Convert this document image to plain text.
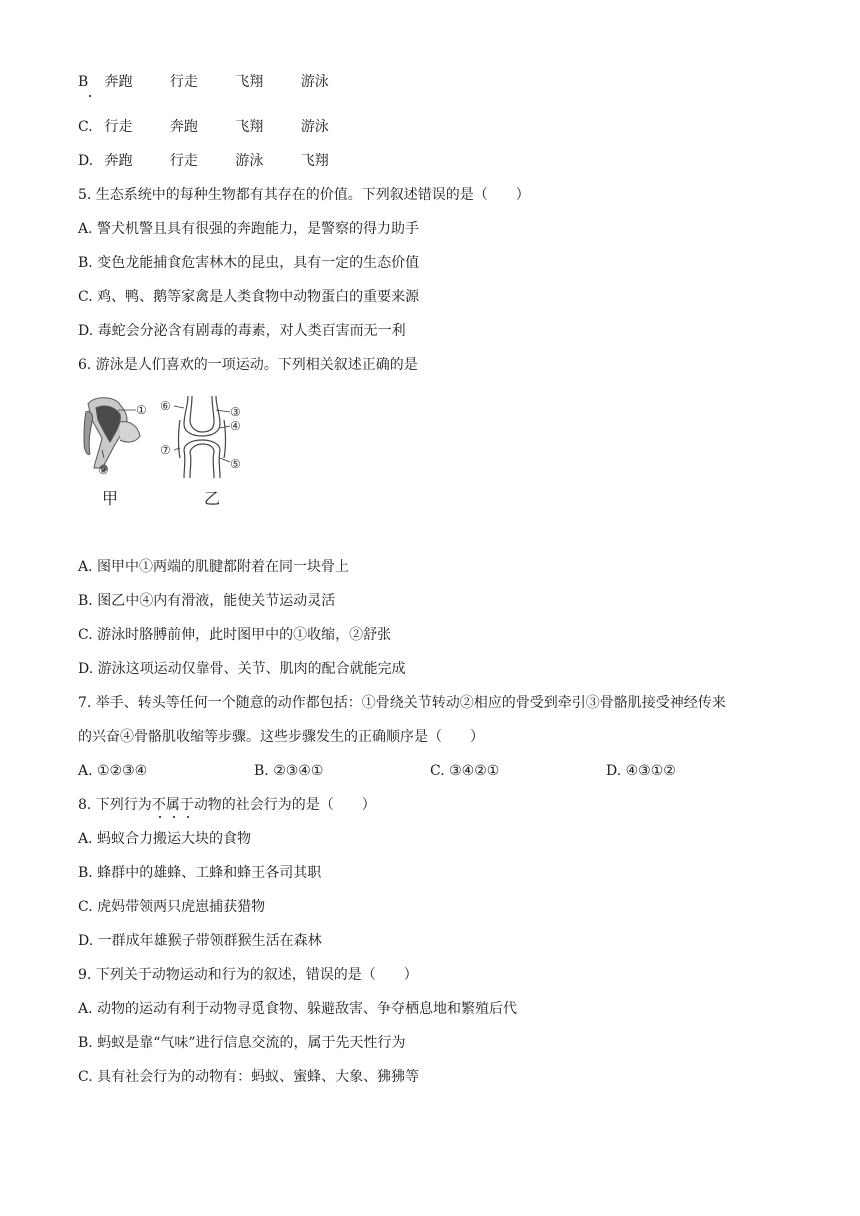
B 奔跑	行走	飞翔	游泳
C. 行走	奔跑	飞翔	游泳
D. 奔跑	行走	游泳	飞翔
5. 生态系统中的每种生物都有其存在的价值。下列叙述错误的是（　　）
A. 警犬机警且具有很强的奔跑能力，是警察的得力助手
B. 变色龙能捕食危害林木的昆虫，具有一定的生态价值
C. 鸡、鸭、鹅等家禽是人类食物中动物蛋白的重要来源
D. 毒蛇会分泌含有剧毒的毒素，对人类百害而无一利
6. 游泳是人们喜欢的一项运动。下列相关叙述正确的是
①
②
③
④
⑤
⑥
⑦
甲	乙
A. 图甲中①两端的肌腱都附着在同一块骨上
B. 图乙中④内有滑液，能使关节运动灵活
C. 游泳时胳膊前伸，此时图甲中的①收缩，②舒张
D. 游泳这项运动仅靠骨、关节、肌肉的配合就能完成
7. 举手、转头等任何一个随意的动作都包括：①骨绕关节转动②相应的骨受到牵引③骨骼肌接受神经传来
的兴奋④骨骼肌收缩等步骤。这些步骤发生的正确顺序是（　　）
A. ①②③④	B. ②③④①	C. ③④②①	D. ④③①②
8. 下列行为不属于动物的社会行为的是（　　）
A. 蚂蚁合力搬运大块的食物
B. 蜂群中的雄蜂、工蜂和蜂王各司其职
C. 虎妈带领两只虎崽捕获猎物
D. 一群成年雄猴子带领群猴生活在森林
9. 下列关于动物运动和行为的叙述，错误的是（　　）
A. 动物的运动有利于动物寻觅食物、躲避敌害、争夺栖息地和繁殖后代
B. 蚂蚁是靠“气味”进行信息交流的，属于先天性行为
C. 具有社会行为的动物有：蚂蚁、蜜蜂、大象、狒狒等
